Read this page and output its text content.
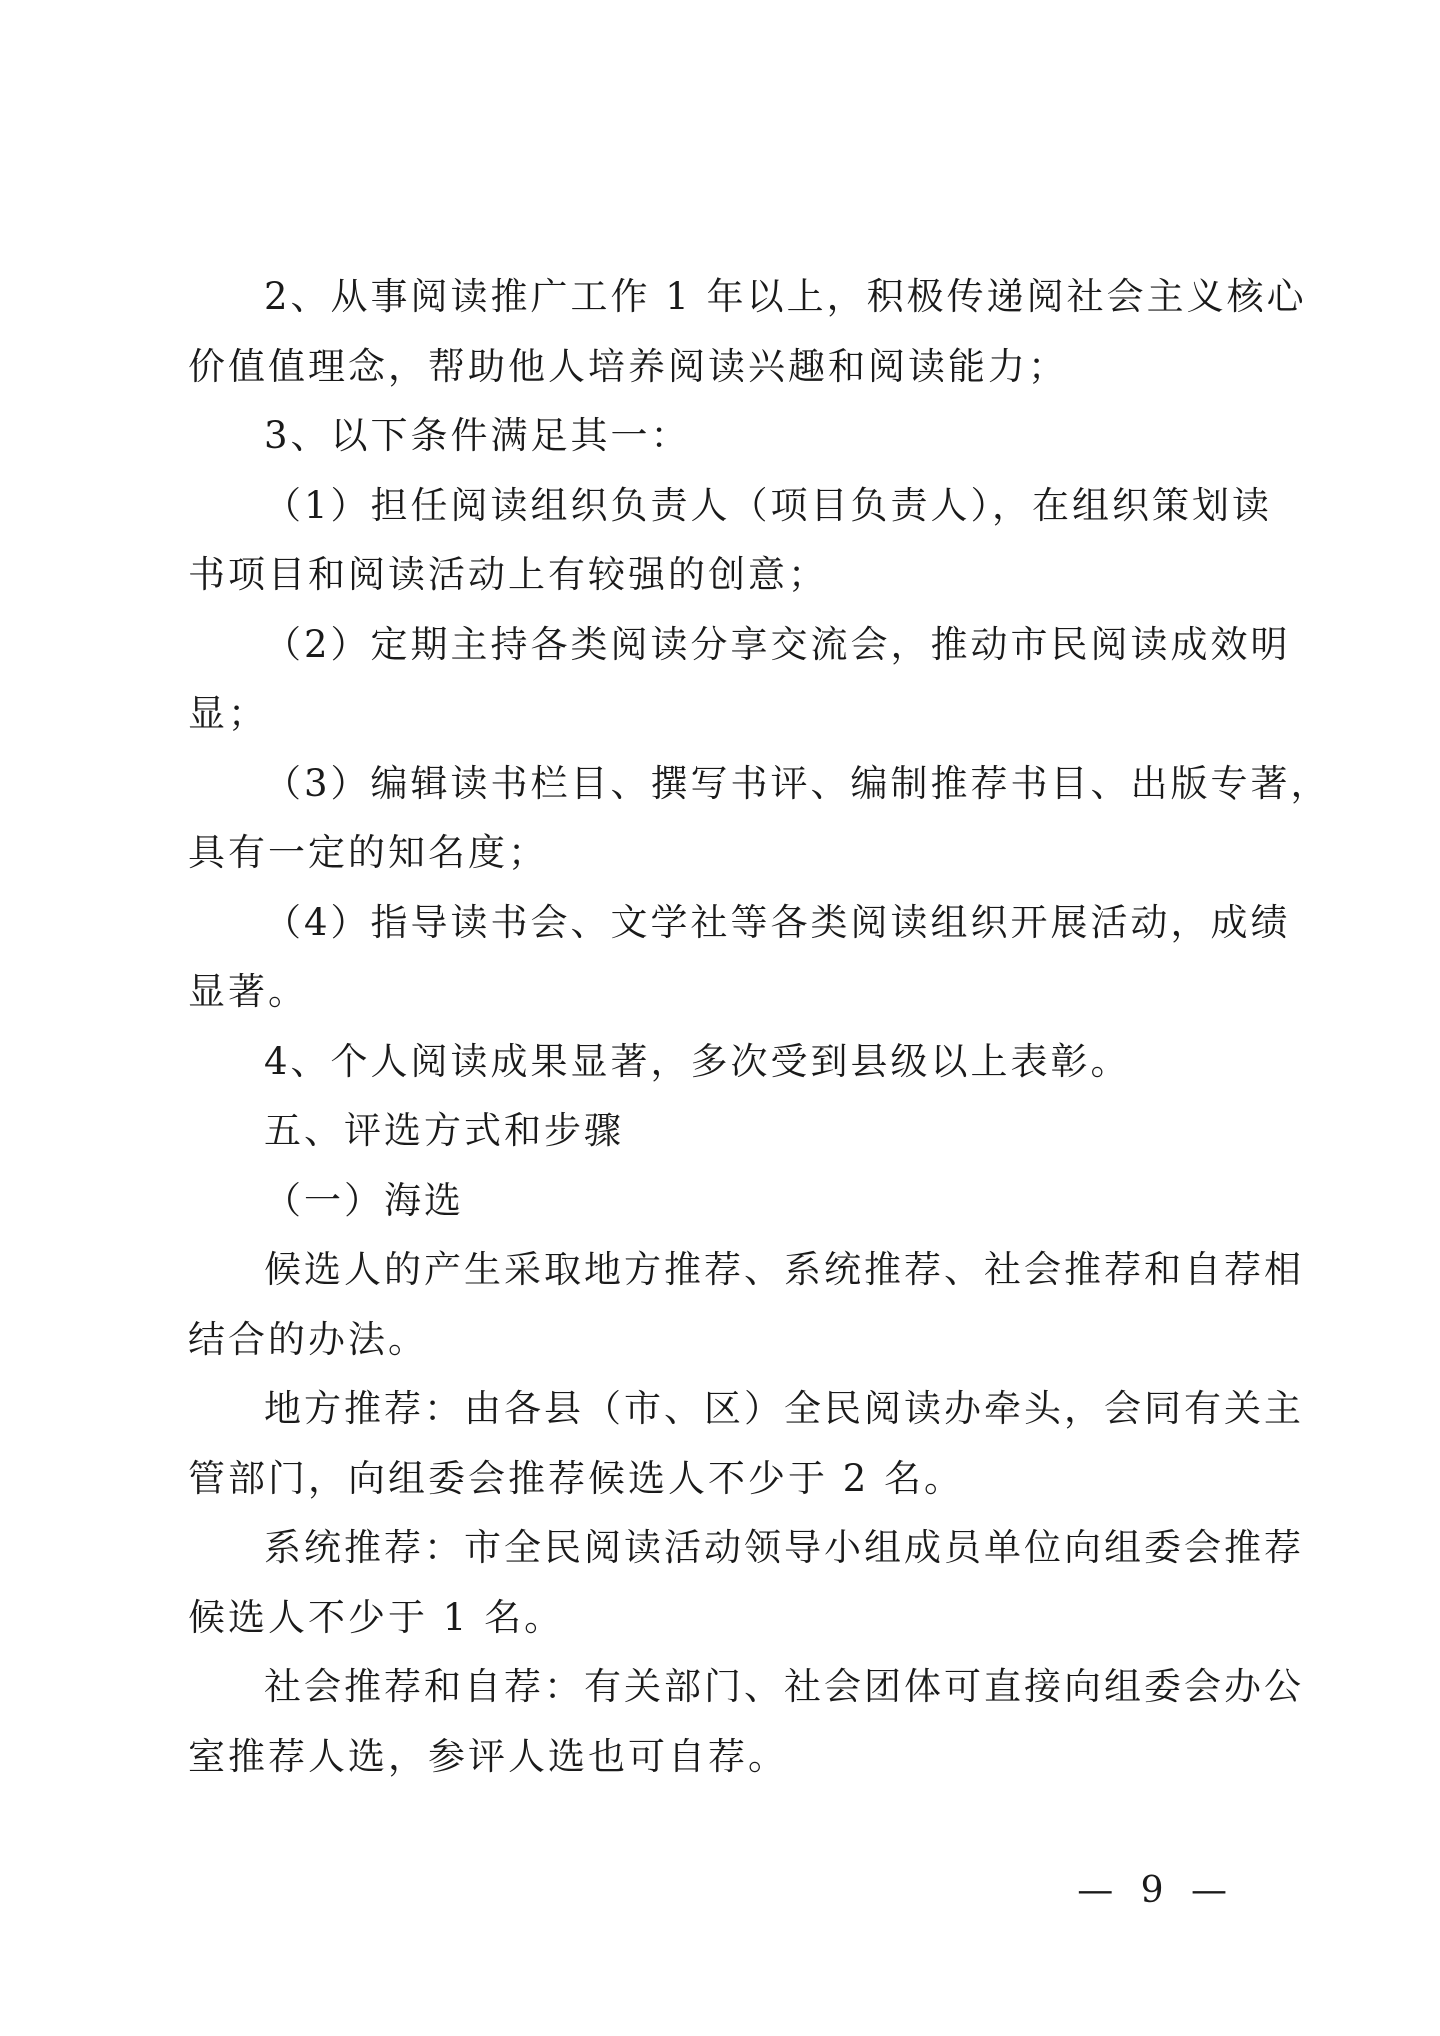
2、从事阅读推广工作 1 年以上，积极传递阅社会主义核心
价值值理念，帮助他人培养阅读兴趣和阅读能力；
3、以下条件满足其一：
（1）担任阅读组织负责人（项目负责人），在组织策划读
书项目和阅读活动上有较强的创意；
（2）定期主持各类阅读分享交流会，推动市民阅读成效明
显；
（3）编辑读书栏目、撰写书评、编制推荐书目、出版专著，
具有一定的知名度；
（4）指导读书会、文学社等各类阅读组织开展活动，成绩
显著。
4、个人阅读成果显著，多次受到县级以上表彰。
五、评选方式和步骤
（一）海选
候选人的产生采取地方推荐、系统推荐、社会推荐和自荐相
结合的办法。
地方推荐：由各县（市、区）全民阅读办牵头，会同有关主
管部门，向组委会推荐候选人不少于 2 名。
系统推荐：市全民阅读活动领导小组成员单位向组委会推荐
候选人不少于 1 名。
社会推荐和自荐：有关部门、社会团体可直接向组委会办公
室推荐人选，参评人选也可自荐。
— 9 —
